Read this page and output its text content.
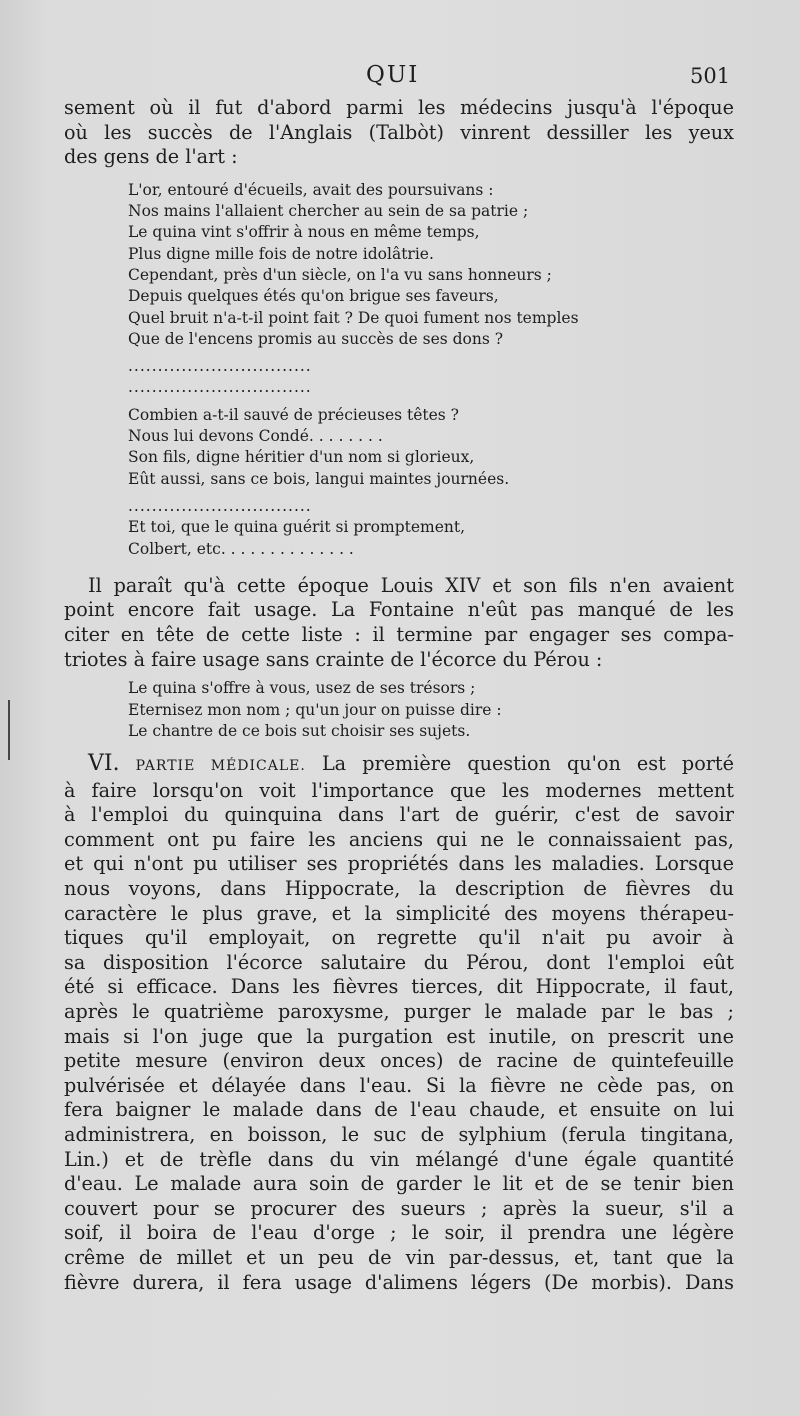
QUI	501
sement où il fut d'abord parmi les médecins jusqu'à l'époque
où les succès de l'Anglais (Talbòt) vinrent dessiller les yeux
des gens de l'art :
L'or, entouré d'écueils, avait des poursuivans :
Nos mains l'allaient chercher au sein de sa patrie ;
Le quina vint s'offrir à nous en même temps,
Plus digne mille fois de notre idolâtrie.
Cependant, près d'un siècle, on l'a vu sans honneurs ;
Depuis quelques étés qu'on brigue ses faveurs,
Quel bruit n'a-t-il point fait ? De quoi fument nos temples
Que de l'encens promis au succès de ses dons ?
...............................
...............................
Combien a-t-il sauvé de précieuses têtes ?
Nous lui devons Condé. . . . . . . .
Son fils, digne héritier d'un nom si glorieux,
Eût aussi, sans ce bois, langui maintes journées.
...............................
Et toi, que le quina guérit si promptement,
Colbert, etc. . . . . . . . . . . . . .
Il paraît qu'à cette époque Louis XIV et son fils n'en avaient
point encore fait usage. La Fontaine n'eût pas manqué de les
citer en tête de cette liste : il termine par engager ses compa-
triotes à faire usage sans crainte de l'écorce du Pérou :
Le quina s'offre à vous, usez de ses trésors ;
Eternisez mon nom ; qu'un jour on puisse dire :
Le chantre de ce bois sut choisir ses sujets.
VI. PARTIE MÉDICALE. La première question qu'on est porté
à faire lorsqu'on voit l'importance que les modernes mettent
à l'emploi du quinquina dans l'art de guérir, c'est de savoir
comment ont pu faire les anciens qui ne le connaissaient pas,
et qui n'ont pu utiliser ses propriétés dans les maladies. Lorsque
nous voyons, dans Hippocrate, la description de fièvres du
caractère le plus grave, et la simplicité des moyens thérapeu-
tiques qu'il employait, on regrette qu'il n'ait pu avoir à
sa disposition l'écorce salutaire du Pérou, dont l'emploi eût
été si efficace. Dans les fièvres tierces, dit Hippocrate, il faut,
après le quatrième paroxysme, purger le malade par le bas ;
mais si l'on juge que la purgation est inutile, on prescrit une
petite mesure (environ deux onces) de racine de quintefeuille
pulvérisée et délayée dans l'eau. Si la fièvre ne cède pas, on
fera baigner le malade dans de l'eau chaude, et ensuite on lui
administrera, en boisson, le suc de sylphium (ferula tingitana,
Lin.) et de trèfle dans du vin mélangé d'une égale quantité
d'eau. Le malade aura soin de garder le lit et de se tenir bien
couvert pour se procurer des sueurs ; après la sueur, s'il a
soif, il boira de l'eau d'orge ; le soir, il prendra une légère
crême de millet et un peu de vin par-dessus, et, tant que la
fièvre durera, il fera usage d'alimens légers (De morbis). Dans
